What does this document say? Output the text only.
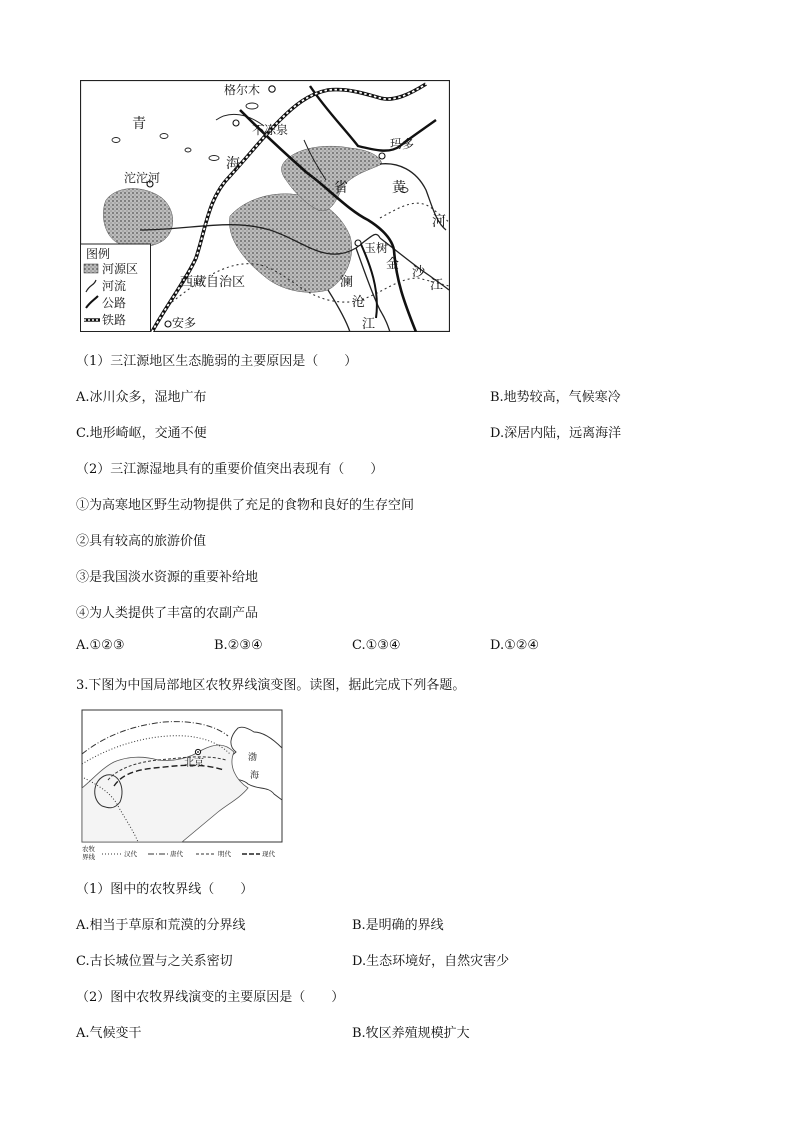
格尔木
青	不冻泉
玛多
海
省
沱沱河
黄
河
玉树
金
沙
江
澜
沧
江
西藏自治区
安多
图例
河源区
河流
公路
铁路
（1）三江源地区生态脆弱的主要原因是（　　）
A.冰川众多，湿地广布	B.地势较高，气候寒冷
C.地形崎岖，交通不便	D.深居内陆，远离海洋
（2）三江源湿地具有的重要价值突出表现有（　　）
①为高寒地区野生动物提供了充足的食物和良好的生存空间
②具有较高的旅游价值
③是我国淡水资源的重要补给地
④为人类提供了丰富的农副产品
A.①②③	B.②③④	C.①③④	D.①②④
3.下图为中国局部地区农牧界线演变图。读图，据此完成下列各题。
北京	渤
海
农牧
界线	汉代	唐代	明代	现代
（1）图中的农牧界线（　　）
A.相当于草原和荒漠的分界线	B.是明确的界线
C.古长城位置与之关系密切	D.生态环境好，自然灾害少
（2）图中农牧界线演变的主要原因是（　　）
A.气候变干	B.牧区养殖规模扩大
